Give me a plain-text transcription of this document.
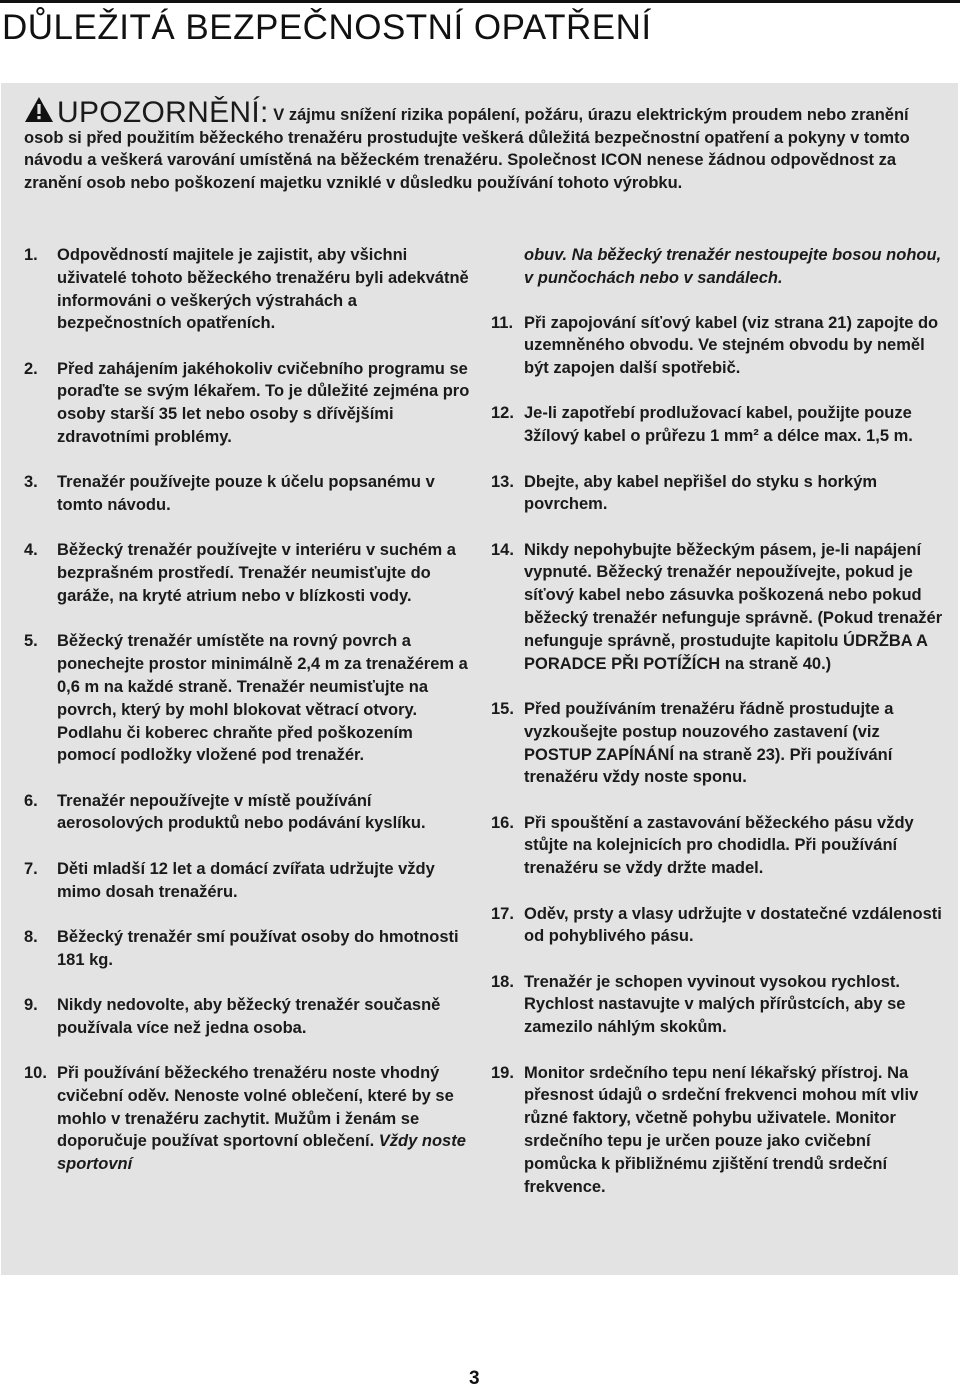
DŮLEŽITÁ BEZPEČNOSTNÍ OPATŘENÍ
UPOZORNĚNÍ: V zájmu snížení rizika popálení, požáru, úrazu elektrickým proudem nebo zranění osob si před použitím běžeckého trenažéru prostudujte veškerá důležitá bezpečnostní opatření a pokyny v tomto návodu a veškerá varování umístěná na běžeckém trenažéru. Společnost ICON nenese žádnou odpovědnost za zranění osob nebo poškození majetku vzniklé v důsledku používání tohoto výrobku.
1. Odpovědností majitele je zajistit, aby všichni uživatelé tohoto běžeckého trenažéru byli adekvátně informováni o veškerých výstrahách a bezpečnostních opatřeních.
2. Před zahájením jakéhokoliv cvičebního programu se poraďte se svým lékařem. To je důležité zejména pro osoby starší 35 let nebo osoby s dřívějšími zdravotními problémy.
3. Trenažér používejte pouze k účelu popsanému v tomto návodu.
4. Běžecký trenažér používejte v interiéru v suchém a bezprašném prostředí. Trenažér neumisťujte do garáže, na kryté atrium nebo v blízkosti vody.
5. Běžecký trenažér umístěte na rovný povrch a ponechejte prostor minimálně 2,4 m za trenažérem a 0,6 m na každé straně. Trenažér neumisťujte na povrch, který by mohl blokovat větrací otvory. Podlahu či koberec chraňte před poškozením pomocí podložky vložené pod trenažér.
6. Trenažér nepoužívejte v místě používání aerosolových produktů nebo podávání kyslíku.
7. Děti mladší 12 let a domácí zvířata udržujte vždy mimo dosah trenažéru.
8. Běžecký trenažér smí používat osoby do hmotnosti 181 kg.
9. Nikdy nedovolte, aby běžecký trenažér současně používala více než jedna osoba.
10. Při používání běžeckého trenažéru noste vhodný cvičební oděv. Nenoste volné oblečení, které by se mohlo v trenažéru zachytit. Mužům i ženám se doporučuje používat sportovní oblečení. Vždy noste sportovní
obuv. Na běžecký trenažér nestoupejte bosou nohou, v punčochách nebo v sandálech.
11. Při zapojování síťový kabel (viz strana 21) zapojte do uzemněného obvodu. Ve stejném obvodu by neměl být zapojen další spotřebič.
12. Je-li zapotřebí prodlužovací kabel, použijte pouze 3žílový kabel o průřezu 1 mm² a délce max. 1,5 m.
13. Dbejte, aby kabel nepřišel do styku s horkým povrchem.
14. Nikdy nepohybujte běžeckým pásem, je-li napájení vypnuté. Běžecký trenažér nepoužívejte, pokud je síťový kabel nebo zásuvka poškozená nebo pokud běžecký trenažér nefunguje správně. (Pokud trenažér nefunguje správně, prostudujte kapitolu ÚDRŽBA A PORADCE PŘI POTÍŽÍCH na straně 40.)
15. Před používáním trenažéru řádně prostudujte a vyzkoušejte postup nouzového zastavení (viz POSTUP ZAPÍNÁNÍ na straně 23). Při používání trenažéru vždy noste sponu.
16. Při spouštění a zastavování běžeckého pásu vždy stůjte na kolejnicích pro chodidla. Při používání trenažéru se vždy držte madel.
17. Oděv, prsty a vlasy udržujte v dostatečné vzdálenosti od pohyblivého pásu.
18. Trenažér je schopen vyvinout vysokou rychlost. Rychlost nastavujte v malých přírůstcích, aby se zamezilo náhlým skokům.
19. Monitor srdečního tepu není lékařský přístroj. Na přesnost údajů o srdeční frekvenci mohou mít vliv různé faktory, včetně pohybu uživatele. Monitor srdečního tepu je určen pouze jako cvičební pomůcka k přibližnému zjištění trendů srdeční frekvence.
3
